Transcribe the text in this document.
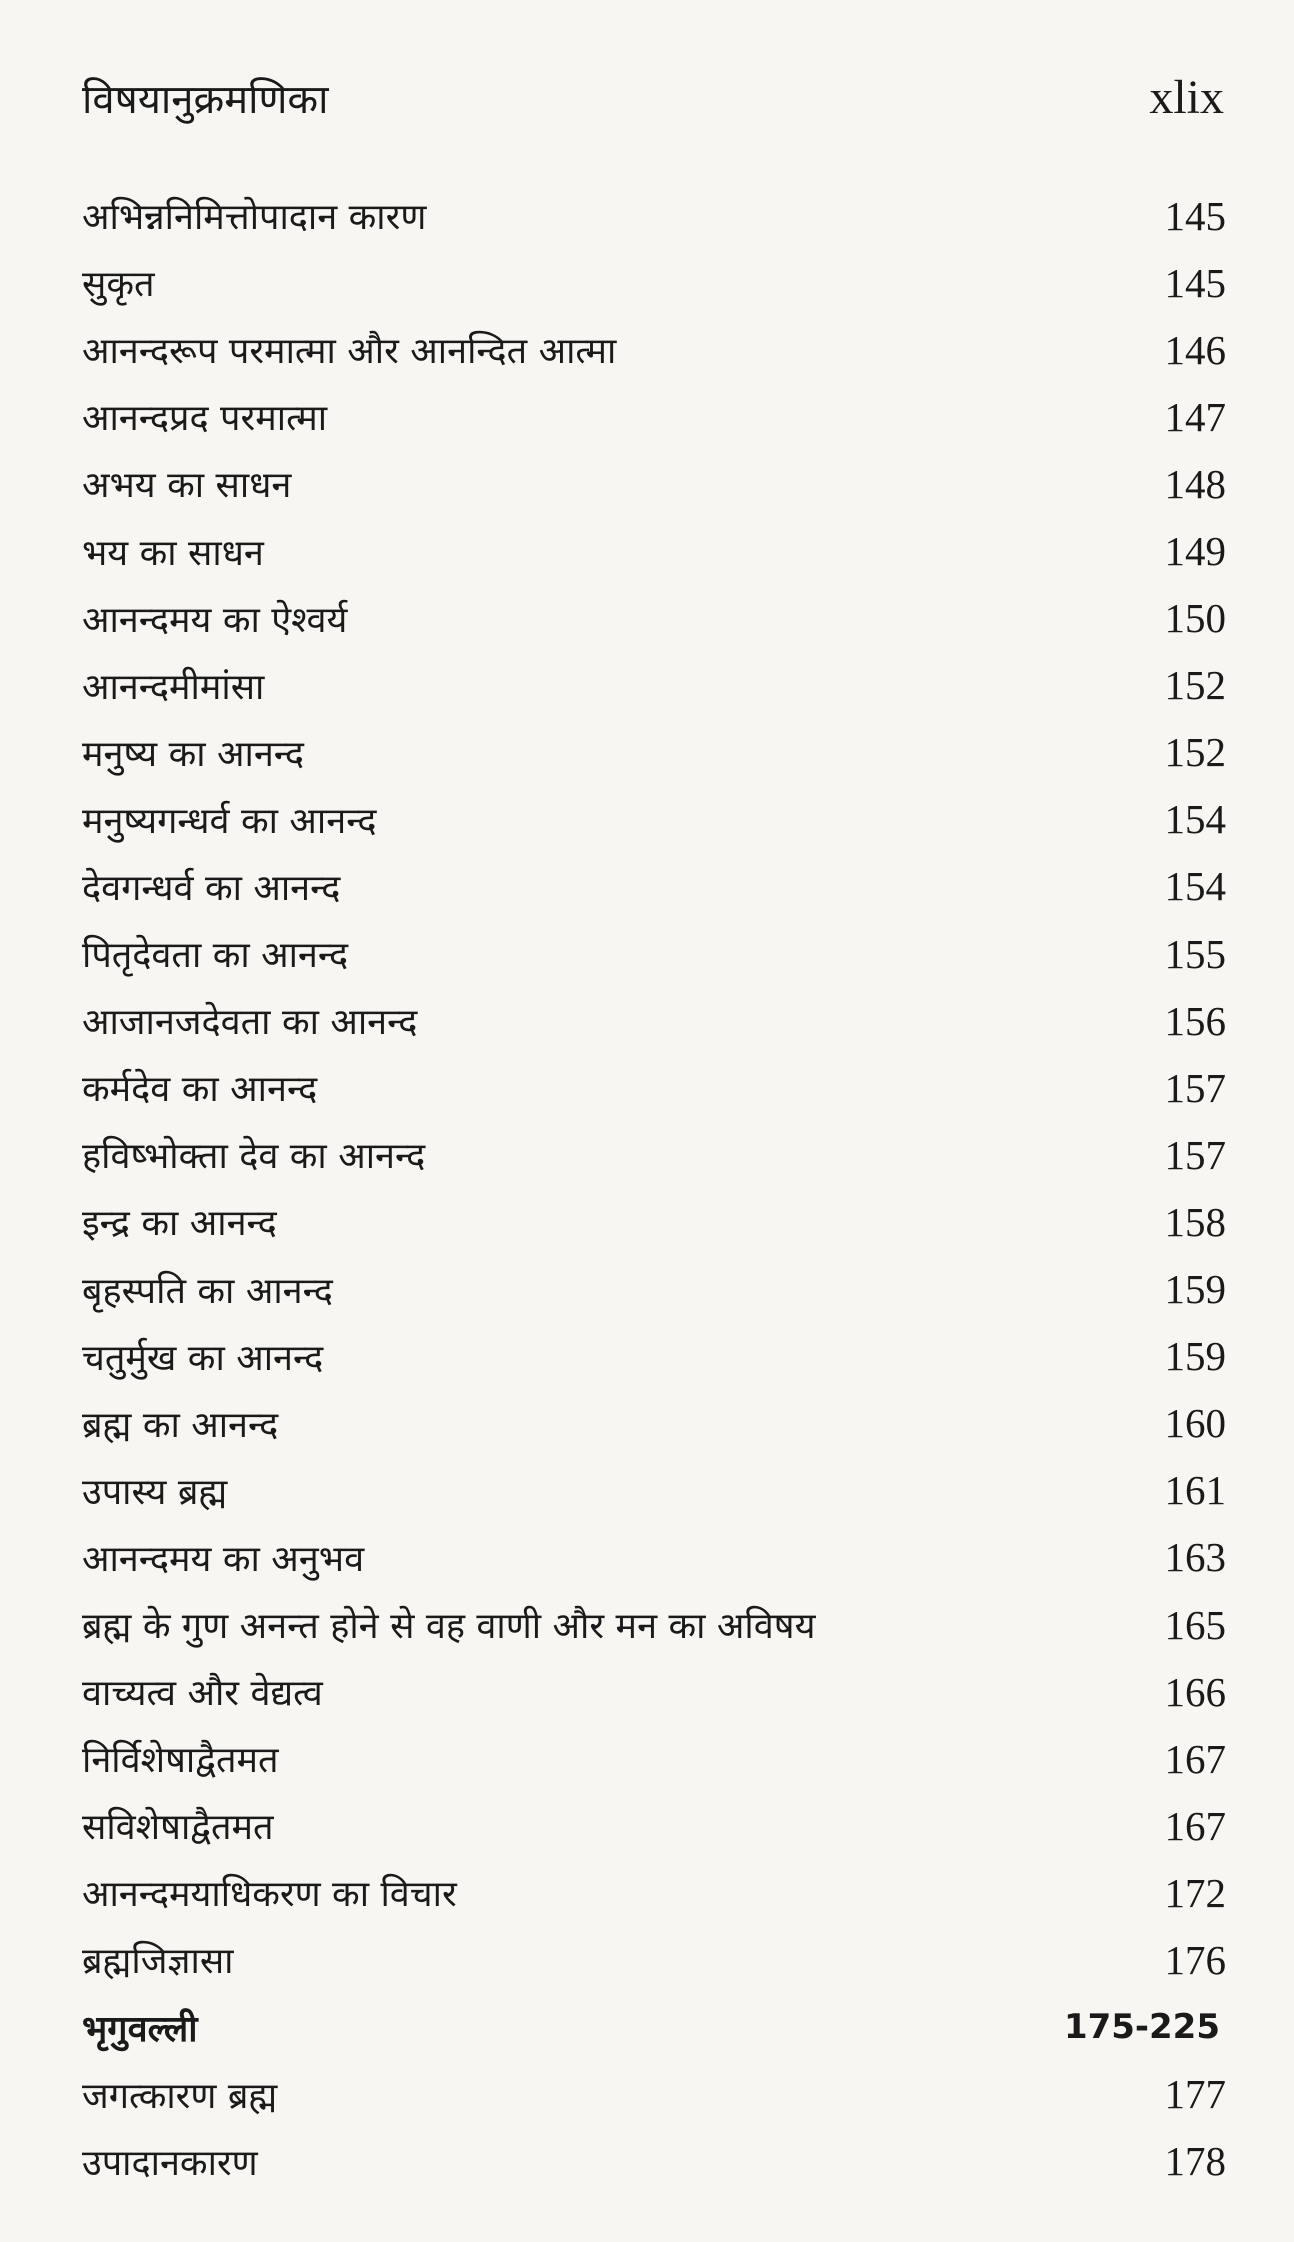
विषयानुक्रमणिका	xlix
अभिन्ननिमित्तोपादान कारण	145
सुकृत	145
आनन्दरूप परमात्मा और आनन्दित आत्मा	146
आनन्दप्रद परमात्मा	147
अभय का साधन	148
भय का साधन	149
आनन्दमय का ऐश्वर्य	150
आनन्दमीमांसा	152
मनुष्य का आनन्द	152
मनुष्यगन्धर्व का आनन्द	154
देवगन्धर्व का आनन्द	154
पितृदेवता का आनन्द	155
आजानजदेवता का आनन्द	156
कर्मदेव का आनन्द	157
हविष्भोक्ता देव का आनन्द	157
इन्द्र का आनन्द	158
बृहस्पति का आनन्द	159
चतुर्मुख का आनन्द	159
ब्रह्म का आनन्द	160
उपास्य ब्रह्म	161
आनन्दमय का अनुभव	163
ब्रह्म के गुण अनन्त होने से वह वाणी और मन का अविषय	165
वाच्यत्व और वेद्यत्व	166
निर्विशेषाद्वैतमत	167
सविशेषाद्वैतमत	167
आनन्दमयाधिकरण का विचार	172
ब्रह्मजिज्ञासा	176
भृगुवल्ली	175-225
जगत्कारण ब्रह्म	177
उपादानकारण	178
